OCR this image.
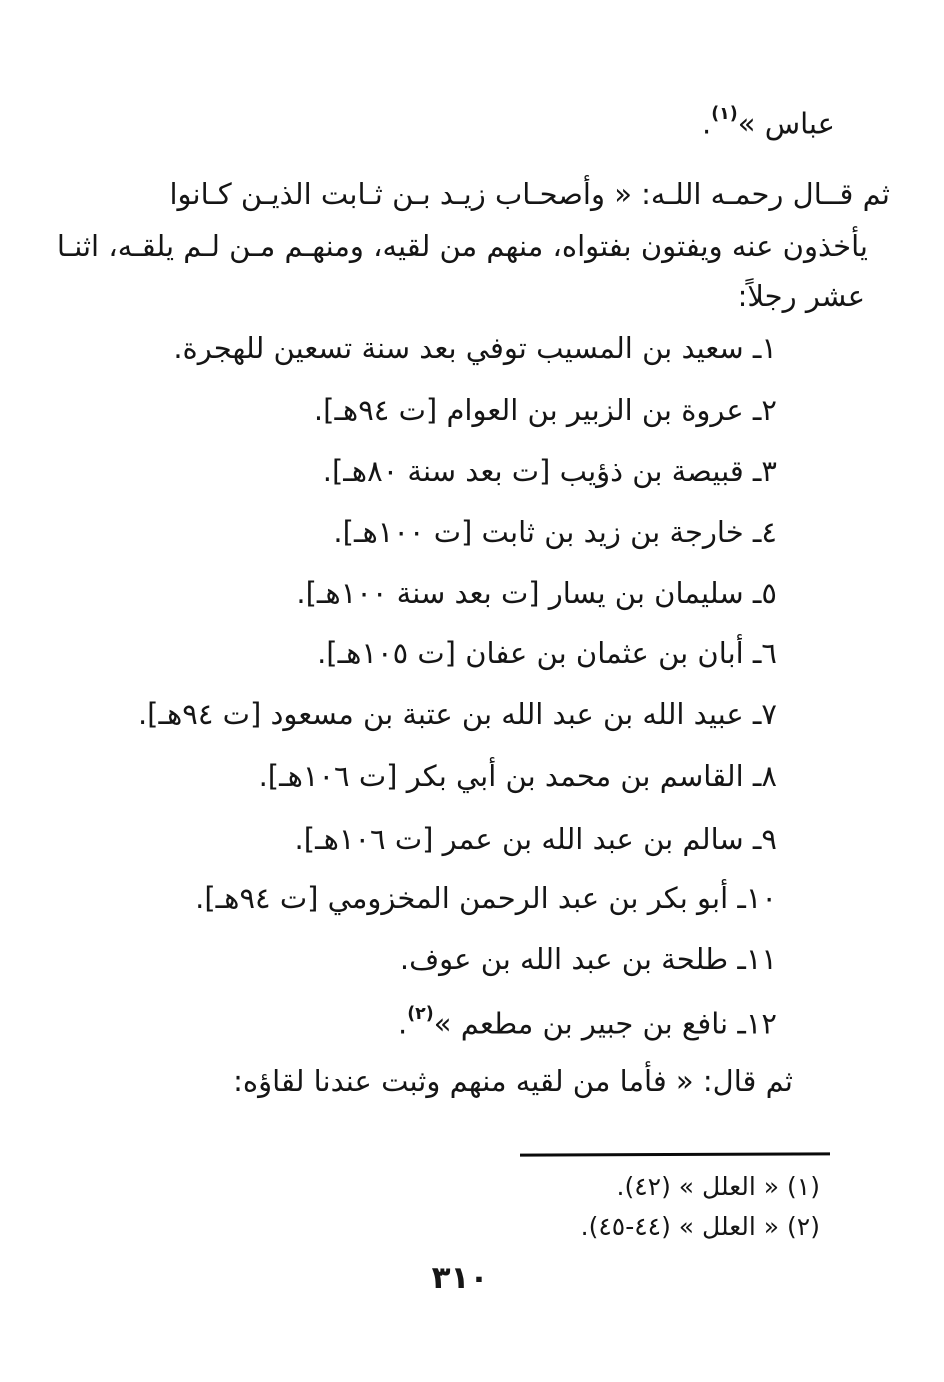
عباس »$^{(١)}$.
ثم قــال رحمـه اللـه: « وأصحـاب زيـد بـن ثـابت الذيـن كـانوا
يأخذون عنه ويفتون بفتواه، منهم من لقيه، ومنهـم مـن لـم يلقـه، اثنـا
عشر رجلاً:
١ـ سعيد بن المسيب توفي بعد سنة تسعين للهجرة.
٢ـ عروة بن الزبير بن العوام [ت ٩٤هـ].
٣ـ قبيصة بن ذؤيب [ت بعد سنة ٨٠هـ].
٤ـ خارجة بن زيد بن ثابت [ت ١٠٠هـ].
٥ـ سليمان بن يسار [ت بعد سنة ١٠٠هـ].
٦ـ أبان بن عثمان بن عفان [ت ١٠٥هـ].
٧ـ عبيد الله بن عبد الله بن عتبة بن مسعود [ت ٩٤هـ].
٨ـ القاسم بن محمد بن أبي بكر [ت ١٠٦هـ].
٩ـ سالم بن عبد الله بن عمر [ت ١٠٦هـ].
١٠ـ أبو بكر بن عبد الرحمن المخزومي [ت ٩٤هـ].
١١ـ طلحة بن عبد الله بن عوف.
١٢ـ نافع بن جبير بن مطعم »$^{(٢)}$.
ثم قال: « فأما من لقيه منهم وثبت عندنا لقاؤه:
(١) « العلل » (٤٢).
(٢) « العلل » (٤٤-٤٥).
٣١٠
